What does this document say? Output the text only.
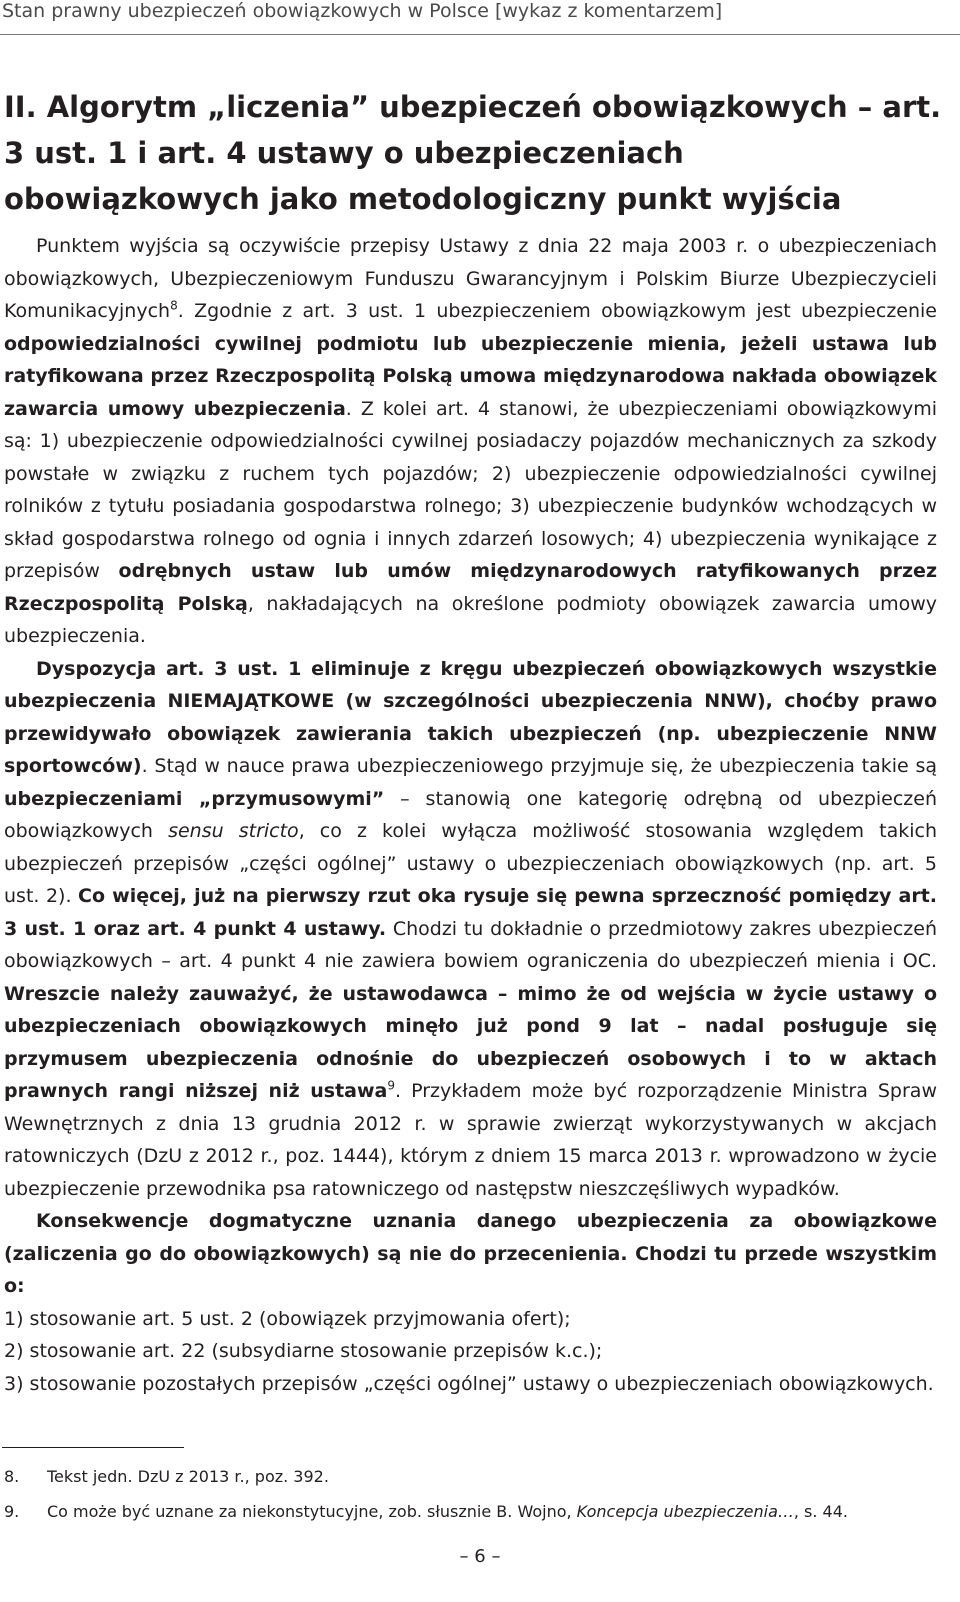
Stan prawny ubezpieczeń obowiązkowych w Polsce [wykaz z komentarzem]
II. Algorytm „liczenia” ubezpieczeń obowiązkowych – art. 3 ust. 1 i art. 4 ustawy o ubezpieczeniach obowiązkowych jako metodologiczny punkt wyjścia

Punktem wyjścia są oczywiście przepisy Ustawy z dnia 22 maja 2003 r. o ubezpieczeniach obowiązkowych, Ubezpieczeniowym Funduszu Gwarancyjnym i Polskim Biurze Ubezpieczycieli Komunikacyjnych$^8$. Zgodnie z art. 3 ust. 1 ubezpieczeniem obowiązkowym jest ubezpieczenie odpowiedzialności cywilnej podmiotu lub ubezpieczenie mienia, jeżeli ustawa lub ratyfikowana przez Rzeczpospolitą Polską umowa międzynarodowa nakłada obowiązek zawarcia umowy ubezpieczenia. Z kolei art. 4 stanowi, że ubezpieczeniami obowiązkowymi są: 1) ubezpieczenie odpowiedzialności cywilnej posiadaczy pojazdów mechanicznych za szkody powstałe w związku z ruchem tych pojazdów; 2) ubezpieczenie odpowiedzialności cywilnej rolników z tytułu posiadania gospodarstwa rolnego; 3) ubezpieczenie budynków wchodzących w skład gospodarstwa rolnego od ognia i innych zdarzeń losowych; 4) ubezpieczenia wynikające z przepisów odrębnych ustaw lub umów międzynarodowych ratyfikowanych przez Rzeczpospolitą Polską, nakładających na określone podmioty obowiązek zawarcia umowy ubezpieczenia.

Dyspozycja art. 3 ust. 1 eliminuje z kręgu ubezpieczeń obowiązkowych wszystkie ubezpieczenia NIEMAJĄTKOWE (w szczególności ubezpieczenia NNW), choćby prawo przewidywało obowiązek zawierania takich ubezpieczeń (np. ubezpieczenie NNW sportowców). Stąd w nauce prawa ubezpieczeniowego przyjmuje się, że ubezpieczenia takie są ubezpieczeniami „przymusowymi” – stanowią one kategorię odrębną od ubezpieczeń obowiązkowych sensu stricto, co z kolei wyłącza możliwość stosowania względem takich ubezpieczeń przepisów „części ogólnej” ustawy o ubezpieczeniach obowiązkowych (np. art. 5 ust. 2). Co więcej, już na pierwszy rzut oka rysuje się pewna sprzeczność pomiędzy art. 3 ust. 1 oraz art. 4 punkt 4 ustawy. Chodzi tu dokładnie o przedmiotowy zakres ubezpieczeń obowiązkowych – art. 4 punkt 4 nie zawiera bowiem ograniczenia do ubezpieczeń mienia i OC. Wreszcie należy zauważyć, że ustawodawca – mimo że od wejścia w życie ustawy o ubezpieczeniach obowiązkowych minęło już pond 9 lat – nadal posługuje się przymusem ubezpieczenia odnośnie do ubezpieczeń osobowych i to w aktach prawnych rangi niższej niż ustawa$^9$. Przykładem może być rozporządzenie Ministra Spraw Wewnętrznych z dnia 13 grudnia 2012 r. w sprawie zwierząt wykorzystywanych w akcjach ratowniczych (DzU z 2012 r., poz. 1444), którym z dniem 15 marca 2013 r. wprowadzono w życie ubezpieczenie przewodnika psa ratowniczego od następstw nieszczęśliwych wypadków.

Konsekwencje dogmatyczne uznania danego ubezpieczenia za obowiązkowe (zaliczenia go do obowiązkowych) są nie do przecenienia. Chodzi tu przede wszystkim o:

1) stosowanie art. 5 ust. 2 (obowiązek przyjmowania ofert);

2) stosowanie art. 22 (subsydiarne stosowanie przepisów k.c.);

3) stosowanie pozostałych przepisów „części ogólnej” ustawy o ubezpieczeniach obowiązkowych.

8.	Tekst jedn. DzU z 2013 r., poz. 392.
9.	Co może być uznane za niekonstytucyjne, zob. słusznie B. Wojno, Koncepcja ubezpieczenia…, s. 44.
– 6 –
